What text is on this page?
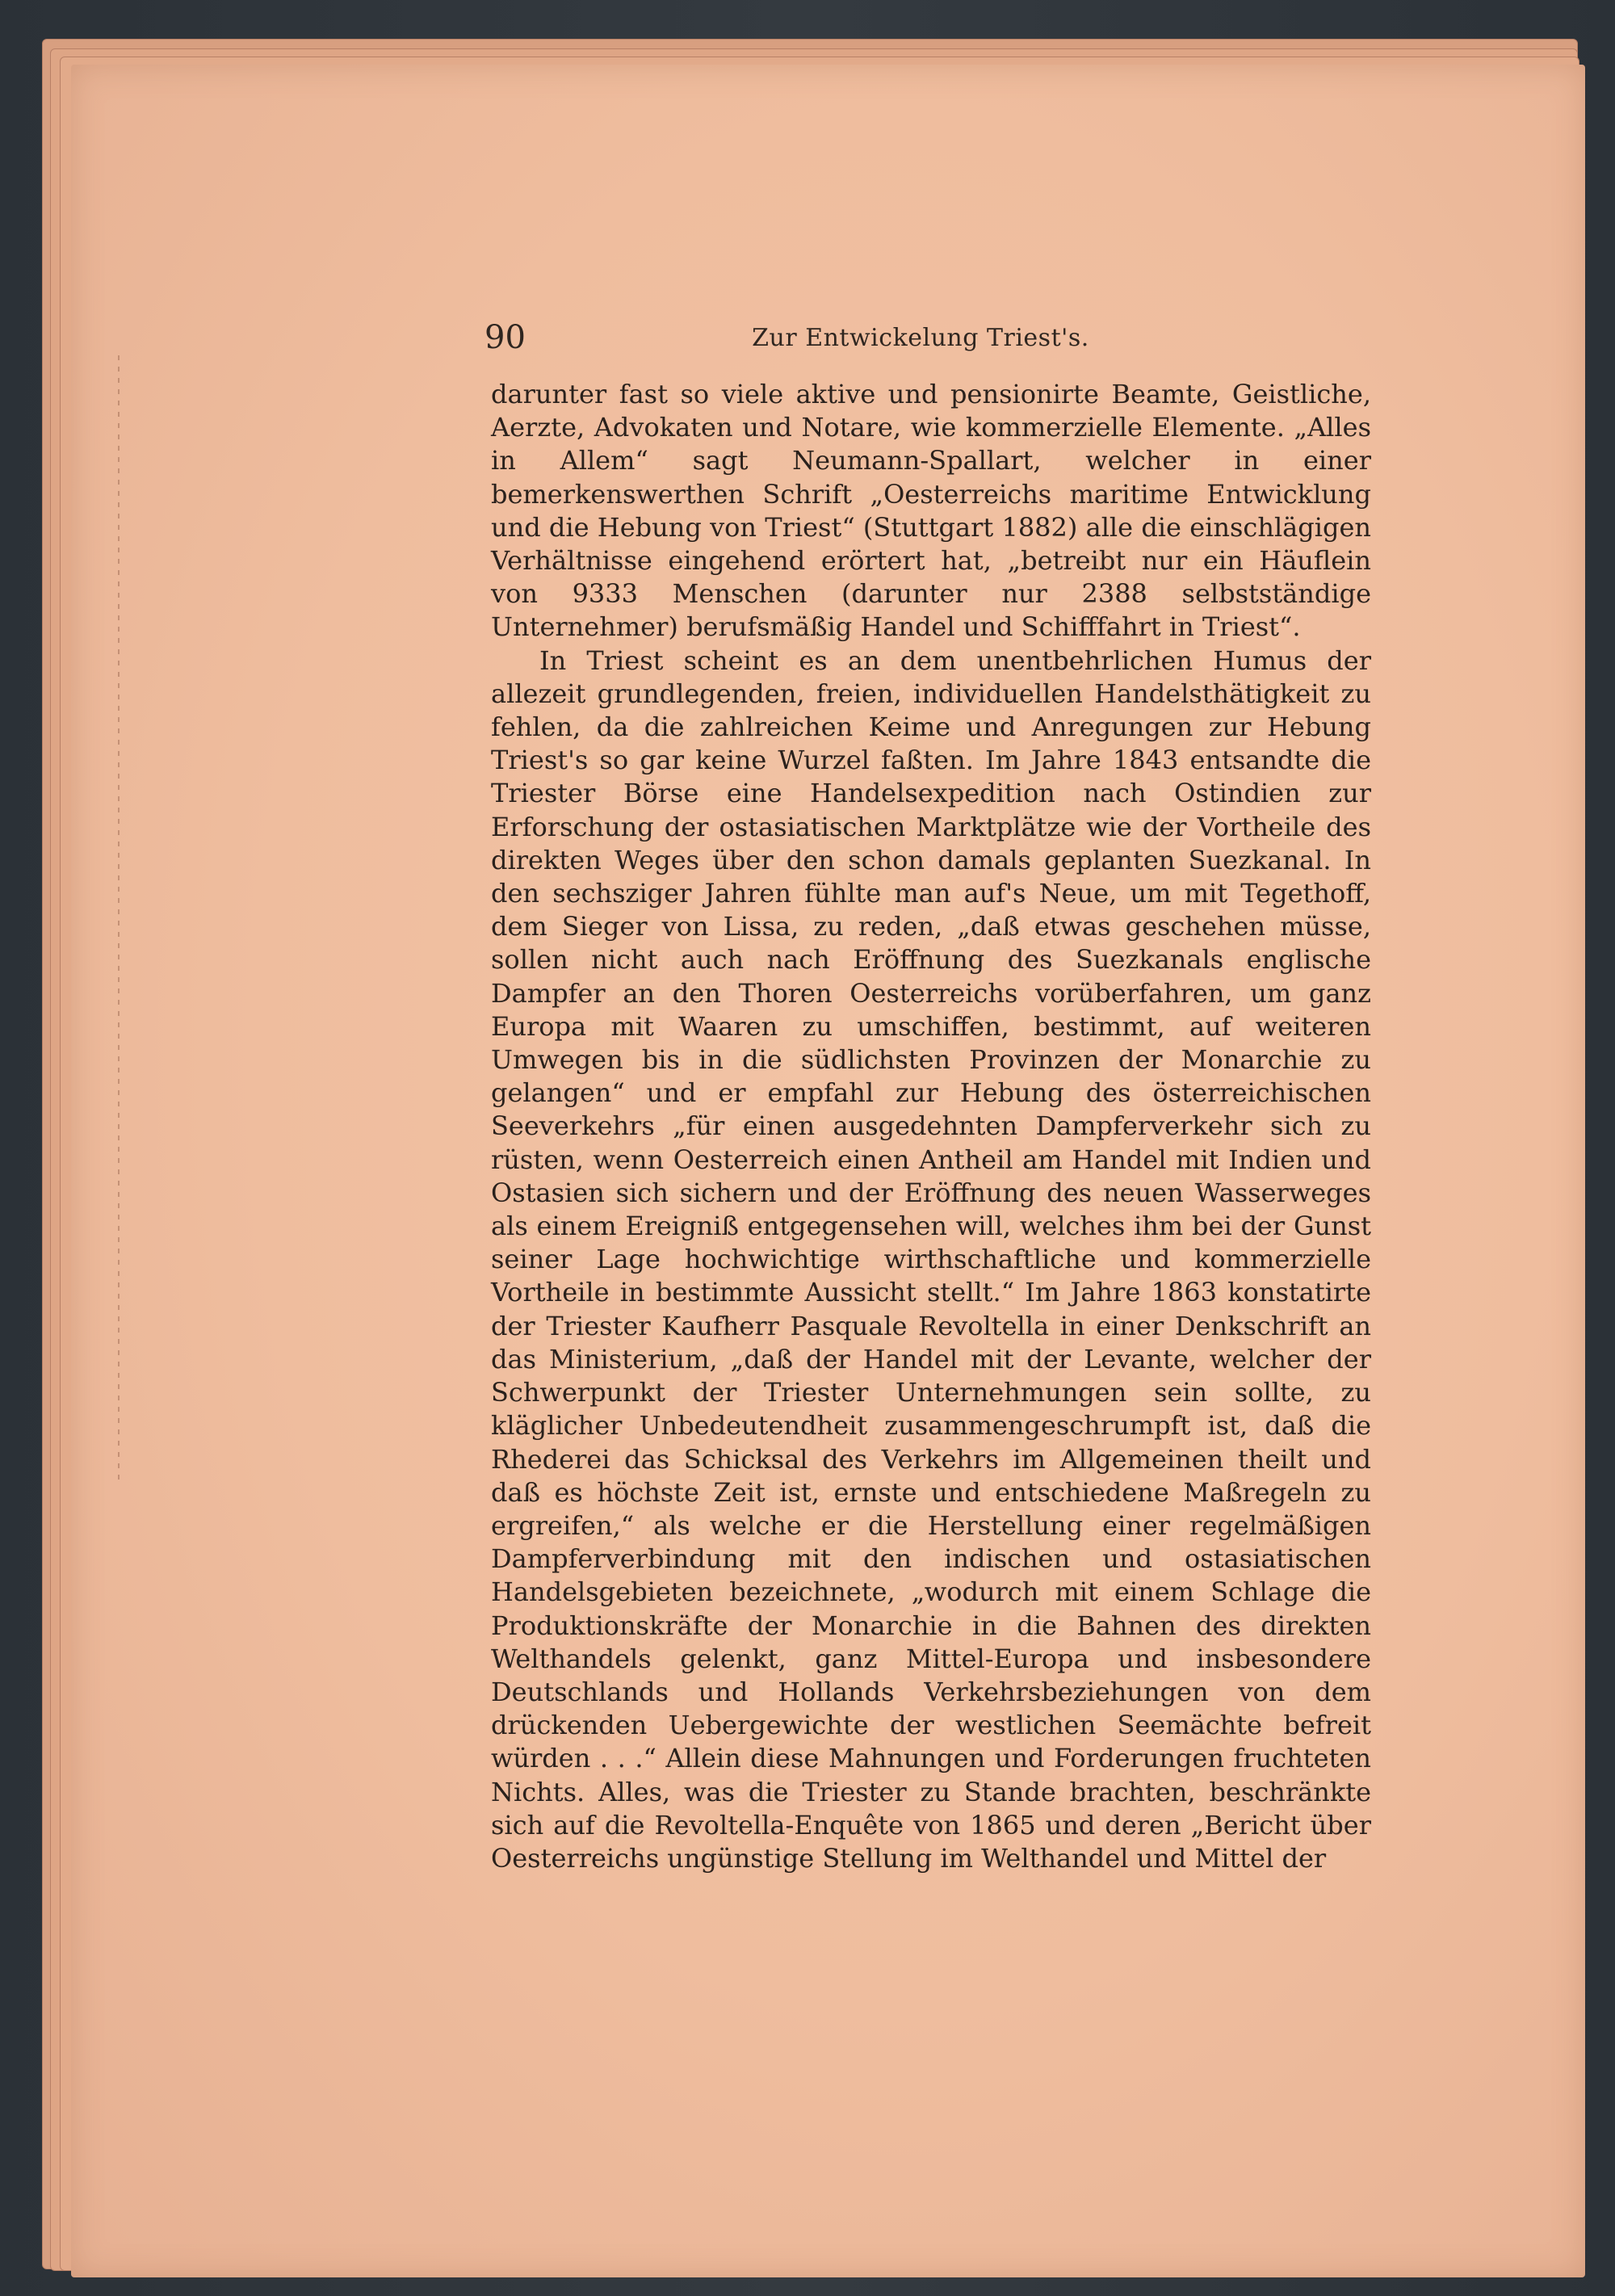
90	Zur Entwickelung Triest's.

darunter fast so viele aktive und pensionirte Beamte, Geistliche, Aerzte, Advokaten und Notare, wie kommerzielle Elemente. „Alles in Allem“ sagt Neumann-Spallart, welcher in einer bemerkenswerthen Schrift „Oesterreichs maritime Entwicklung und die Hebung von Triest“ (Stuttgart 1882) alle die einschlägigen Verhältnisse eingehend erörtert hat, „betreibt nur ein Häuflein von 9333 Menschen (darunter nur 2388 selbstständige Unternehmer) berufsmäßig Handel und Schifffahrt in Triest“.

In Triest scheint es an dem unentbehrlichen Humus der allezeit grundlegenden, freien, individuellen Handelsthätigkeit zu fehlen, da die zahlreichen Keime und Anregungen zur Hebung Triest's so gar keine Wurzel faßten. Im Jahre 1843 entsandte die Triester Börse eine Handelsexpedition nach Ostindien zur Erforschung der ostasiatischen Marktplätze wie der Vortheile des direkten Weges über den schon damals geplanten Suezkanal. In den sechsziger Jahren fühlte man auf's Neue, um mit Tegethoff, dem Sieger von Lissa, zu reden, „daß etwas geschehen müsse, sollen nicht auch nach Eröffnung des Suezkanals englische Dampfer an den Thoren Oesterreichs vorüberfahren, um ganz Europa mit Waaren zu umschiffen, bestimmt, auf weiteren Umwegen bis in die südlichsten Provinzen der Monarchie zu gelangen“ und er empfahl zur Hebung des österreichischen Seeverkehrs „für einen ausgedehnten Dampferverkehr sich zu rüsten, wenn Oesterreich einen Antheil am Handel mit Indien und Ostasien sich sichern und der Eröffnung des neuen Wasserweges als einem Ereigniß entgegensehen will, welches ihm bei der Gunst seiner Lage hochwichtige wirthschaftliche und kommerzielle Vortheile in bestimmte Aussicht stellt.“ Im Jahre 1863 konstatirte der Triester Kaufherr Pasquale Revoltella in einer Denkschrift an das Ministerium, „daß der Handel mit der Levante, welcher der Schwerpunkt der Triester Unternehmungen sein sollte, zu kläglicher Unbedeutendheit zusammengeschrumpft ist, daß die Rhederei das Schicksal des Verkehrs im Allgemeinen theilt und daß es höchste Zeit ist, ernste und entschiedene Maßregeln zu ergreifen,“ als welche er die Herstellung einer regelmäßigen Dampferverbindung mit den indischen und ostasiatischen Handelsgebieten bezeichnete, „wodurch mit einem Schlage die Produktionskräfte der Monarchie in die Bahnen des direkten Welthandels gelenkt, ganz Mittel-Europa und insbesondere Deutschlands und Hollands Verkehrsbeziehungen von dem drückenden Uebergewichte der westlichen Seemächte befreit würden . . .“ Allein diese Mahnungen und Forderungen fruchteten Nichts. Alles, was die Triester zu Stande brachten, beschränkte sich auf die Revoltella-Enquête von 1865 und deren „Bericht über Oesterreichs ungünstige Stellung im Welthandel und Mittel der
